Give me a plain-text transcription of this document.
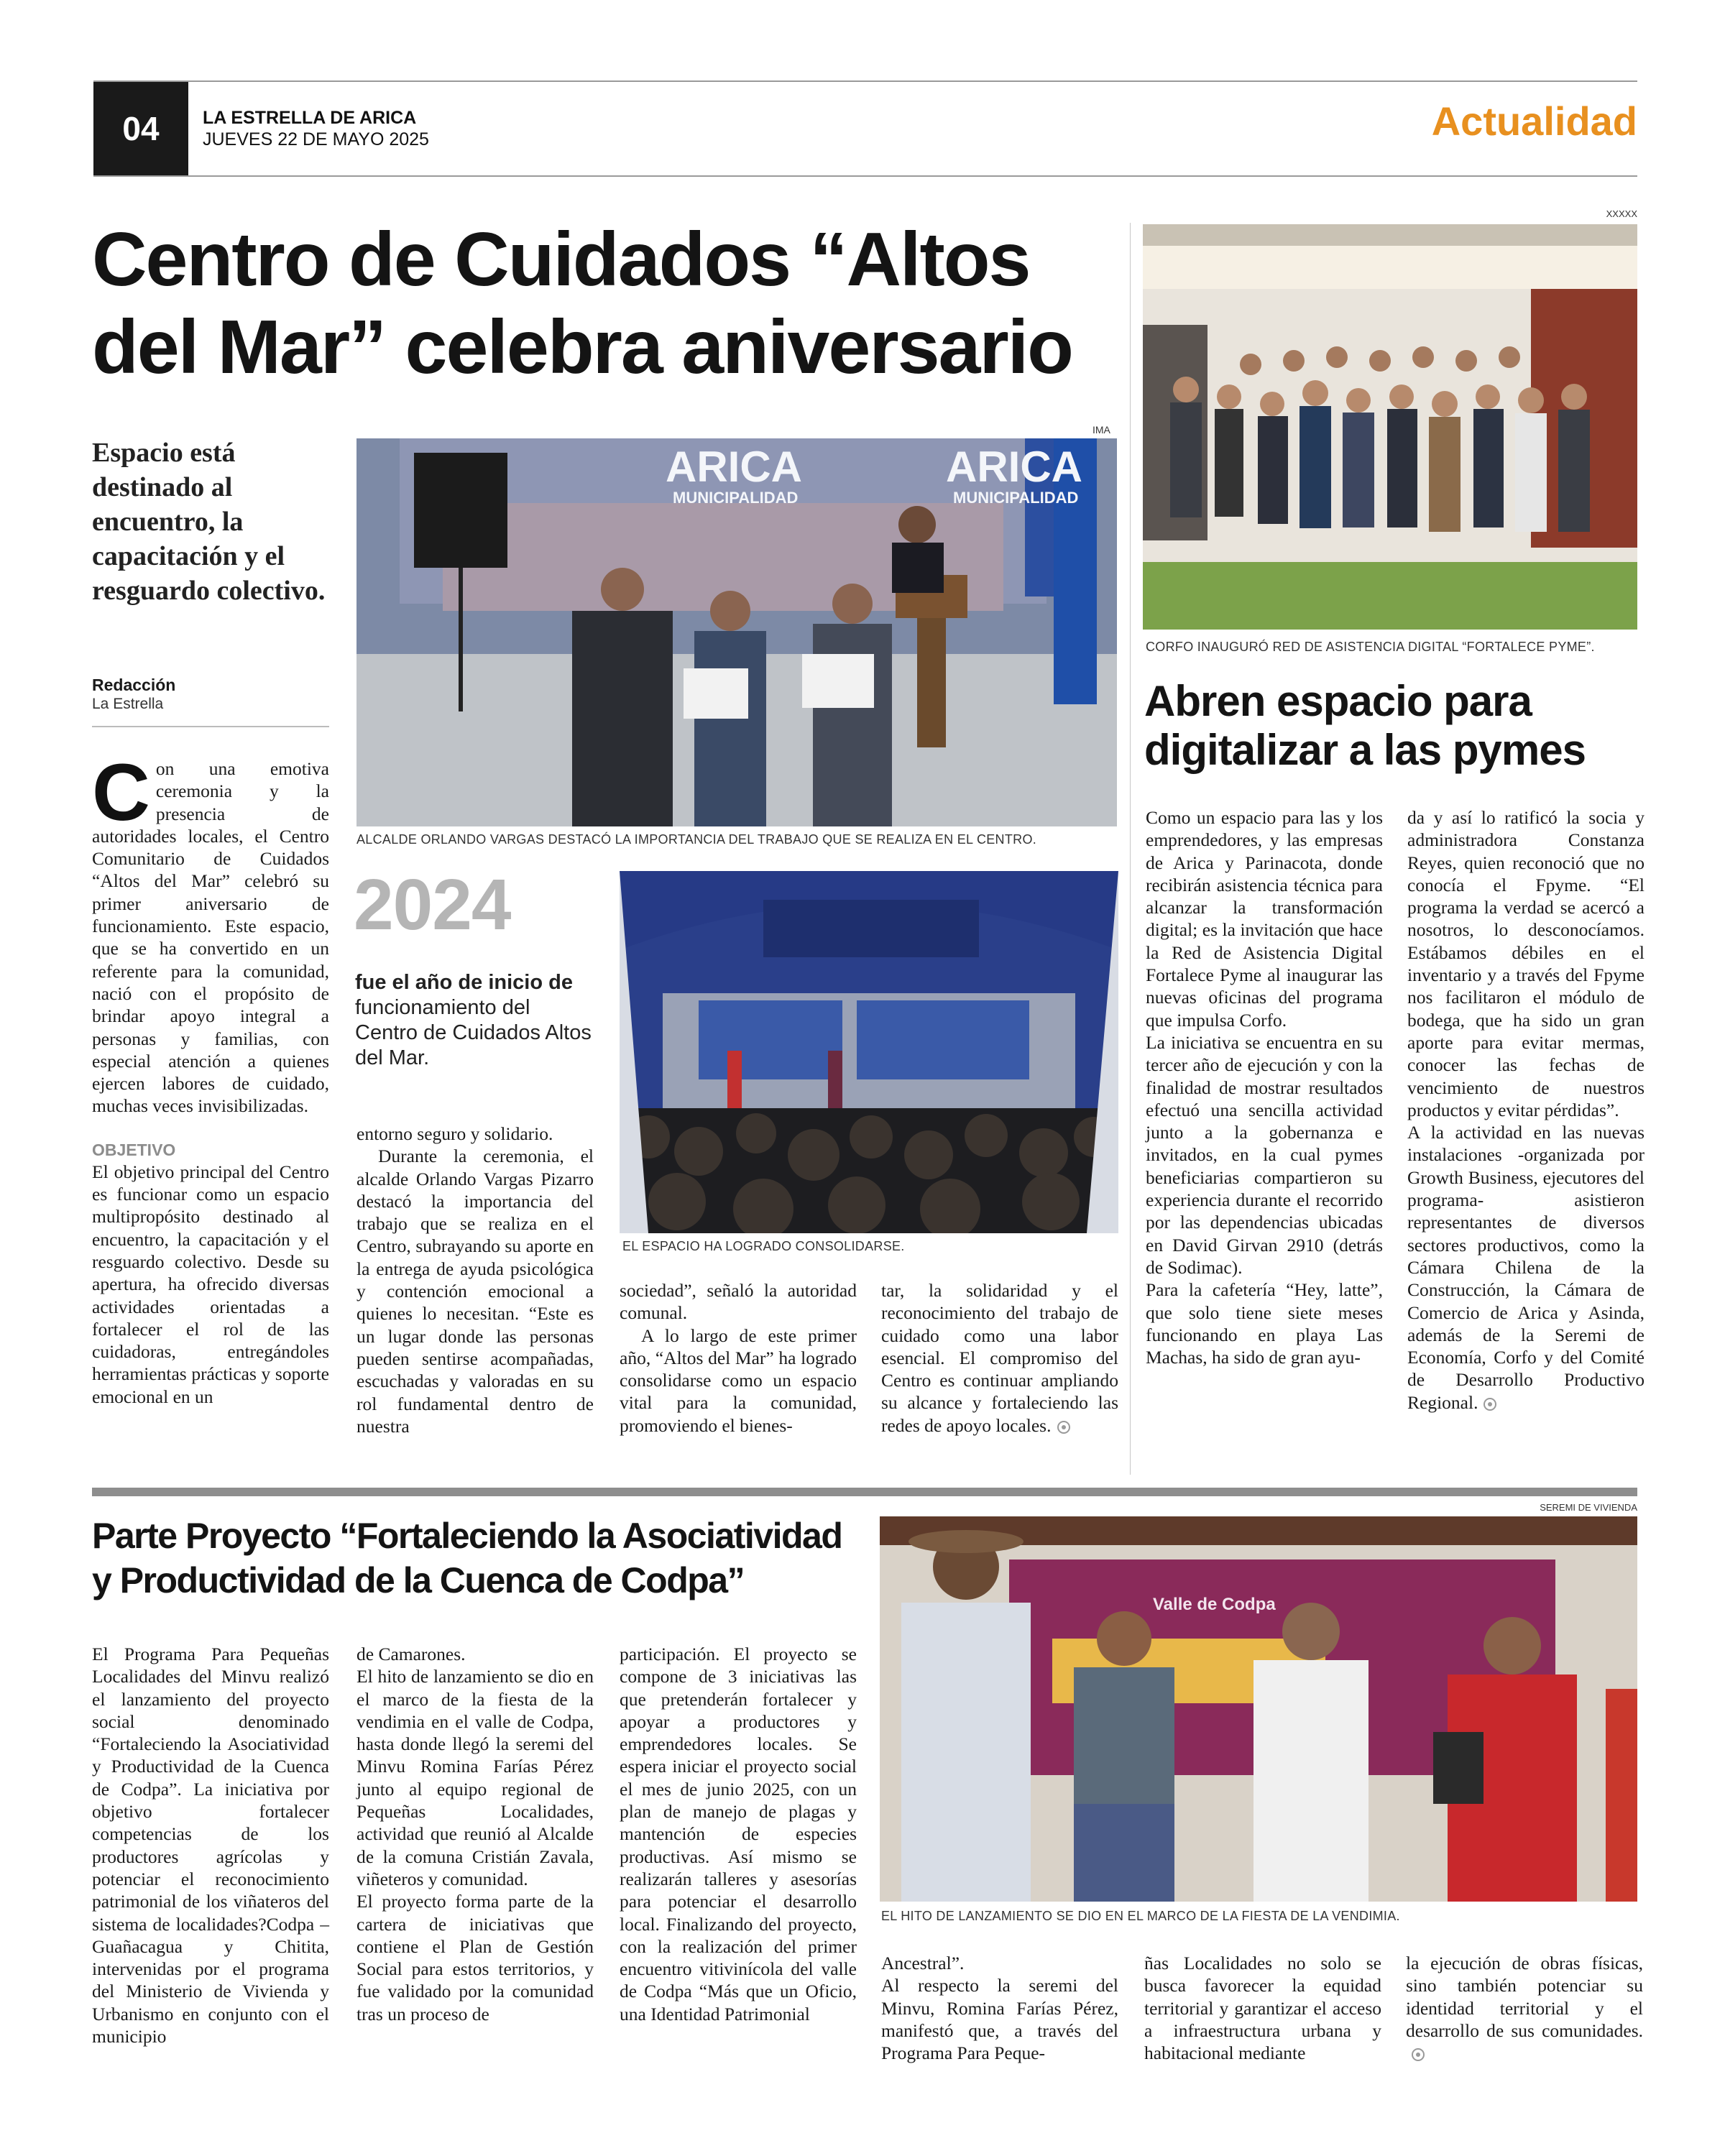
04 LA ESTRELLA DE ARICA
JUEVES 22 DE MAYO 2025	Actualidad
Centro de Cuidados “Altos
del Mar” celebra aniversario
Espacio está destinado al encuentro, la capacitación y el resguardo colectivo.
Redacción
La Estrella
IMA
ARICA	ARICA
MUNICIPALIDAD	MUNICIPALIDAD
ALCALDE ORLANDO VARGAS DESTACÓ LA IMPORTANCIA DEL TRABAJO QUE SE REALIZA EN EL CENTRO.
2024
fue el año de inicio de
funcionamiento del Centro de Cuidados Altos del Mar.
EL ESPACIO HA LOGRADO CONSOLIDARSE.

Con una emotiva ceremonia y la presencia de autoridades locales, el Centro Comunitario de Cuidados “Altos del Mar” celebró su primer aniversario de funcionamiento. Este espacio, que se ha convertido en un referente para la comunidad, nació con el propósito de brindar apoyo integral a personas y familias, con especial atención a quienes ejercen labores de cuidado, muchas veces invisibilizadas.

OBJETIVO

El objetivo principal del Centro es funcionar como un espacio multipropósito destinado al encuentro, la capacitación y el resguardo colectivo. Desde su apertura, ha ofrecido diversas actividades orientadas a fortalecer el rol de las cuidadoras, entregándoles herramientas prácticas y soporte emocional en un

entorno seguro y solidario.

Durante la ceremonia, el alcalde Orlando Vargas Pizarro destacó la importancia del trabajo que se realiza en el Centro, subrayando su aporte en la entrega de ayuda psicológica y contención emocional a quienes lo necesitan. “Este es un lugar donde las personas pueden sentirse acompañadas, escuchadas y valoradas en su rol fundamental dentro de nuestra

sociedad”, señaló la autoridad comunal.

A lo largo de este primer año, “Altos del Mar” ha logrado consolidarse como un espacio vital para la comunidad, promoviendo el bienes-

tar, la solidaridad y el reconocimiento del trabajo de cuidado como una labor esencial. El compromiso del Centro es continuar ampliando su alcance y fortaleciendo las redes de apoyo locales.

XXXXX
CORFO INAUGURÓ RED DE ASISTENCIA DIGITAL “FORTALECE PYME”.
Abren espacio para
digitalizar a las pymes

Como un espacio para las y los emprendedores, y las empresas de Arica y Parinacota, donde recibirán asistencia técnica para alcanzar la transformación digital; es la invitación que hace la Red de Asistencia Digital Fortalece Pyme al inaugurar las nuevas oficinas del programa que impulsa Corfo.

La iniciativa se encuentra en su tercer año de ejecución y con la finalidad de mostrar resultados efectuó una sencilla actividad junto a la gobernanza e invitados, en la cual pymes beneficiarias compartieron su experiencia durante el recorrido por las dependencias ubicadas en David Girvan 2910 (detrás de Sodimac).

Para la cafetería “Hey, latte”, que solo tiene siete meses funcionando en playa Las Machas, ha sido de gran ayu-

da y así lo ratificó la socia y administradora Constanza Reyes, quien reconoció que no conocía el Fpyme. “El programa la verdad se acercó a nosotros, lo desconocíamos. Estábamos débiles en el inventario y a través del Fpyme nos facilitaron el módulo de bodega, que ha sido un gran aporte para evitar mermas, conocer las fechas de vencimiento de nuestros productos y evitar pérdidas”.

A la actividad en las nuevas instalaciones -organizada por Growth Business, ejecutores del programa- asistieron representantes de diversos sectores productivos, como la Cámara Chilena de la Construcción, la Cámara de Comercio de Arica y Asinda, además de la Seremi de Economía, Corfo y del Comité de Desarrollo Productivo Regional.

Parte Proyecto “Fortaleciendo la Asociatividad
y Productividad de la Cuenca de Codpa”
SEREMI DE VIVIENDA
Valle de Codpa
EL HITO DE LANZAMIENTO SE DIO EN EL MARCO DE LA FIESTA DE LA VENDIMIA.

El Programa Para Pequeñas Localidades del Minvu realizó el lanzamiento del proyecto social denominado “Fortaleciendo la Asociatividad y Productividad de la Cuenca de Codpa”. La iniciativa por objetivo fortalecer competencias de los productores agrícolas y potenciar el reconocimiento patrimonial de los viñateros del sistema de localidades?Codpa – Guañacagua y Chitita, intervenidas por el programa del Ministerio de Vivienda y Urbanismo en conjunto con el municipio

de Camarones.

El hito de lanzamiento se dio en el marco de la fiesta de la vendimia en el valle de Codpa, hasta donde llegó la seremi del Minvu Romina Farías Pérez junto al equipo regional de Pequeñas Localidades, actividad que reunió al Alcalde de la comuna Cristián Zavala, viñeteros y comunidad.

El proyecto forma parte de la cartera de iniciativas que contiene el Plan de Gestión Social para estos territorios, y fue validado por la comunidad tras un proceso de

participación. El proyecto se compone de 3 iniciativas las que pretenderán fortalecer y apoyar a productores y emprendedores locales. Se espera iniciar el proyecto social el mes de junio 2025, con un plan de manejo de plagas y mantención de especies productivas. Así mismo se realizarán talleres y asesorías para potenciar el desarrollo local. Finalizando del proyecto, con la realización del primer encuentro vitivinícola del valle de Codpa “Más que un Oficio, una Identidad Patrimonial

Ancestral”.

Al respecto la seremi del Minvu, Romina Farías Pérez, manifestó que, a través del Programa Para Peque-

ñas Localidades no solo se busca favorecer la equidad territorial y garantizar el acceso a infraestructura urbana y habitacional mediante

la ejecución de obras físicas, sino también potenciar su identidad territorial y el desarrollo de sus comunidades.
